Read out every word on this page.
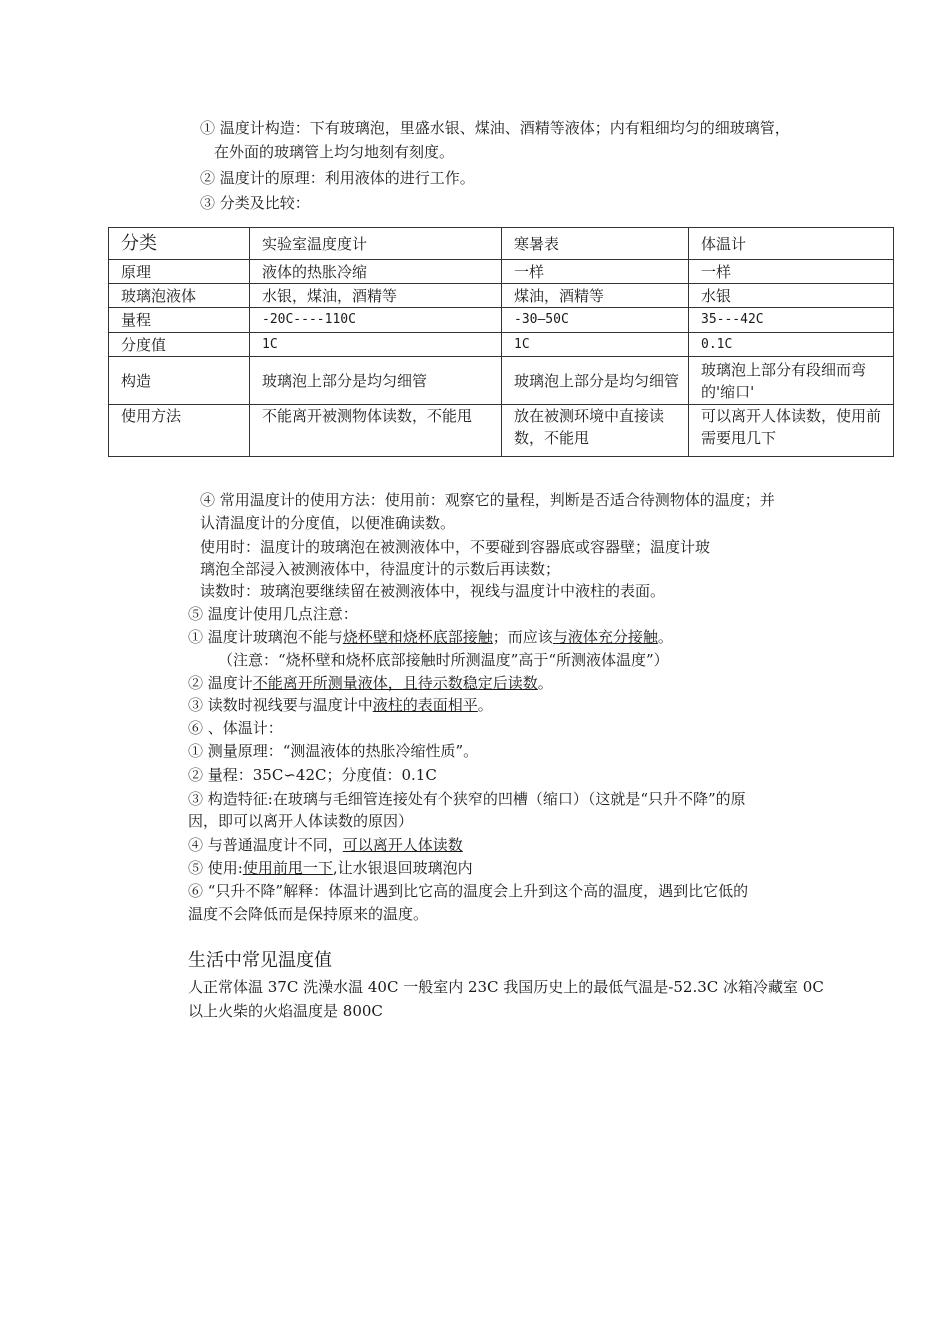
① 温度计构造：下有玻璃泡，里盛水银、煤油、酒精等液体；内有粗细均匀的细玻璃管，
在外面的玻璃管上均匀地刻有刻度。
② 温度计的原理：利用液体的进行工作。
③ 分类及比较：
分类	实验室温度度计	寒暑表	体温计
原理	液体的热胀冷缩	一样	一样
玻璃泡液体	水银，煤油，酒精等	煤油，酒精等	水银
量程	-20C----110C	-30—50C	35---42C
分度值	1C	1C	0.1C
构造	玻璃泡上部分是均匀细管	玻璃泡上部分是均匀细管	玻璃泡上部分有段细而弯的'缩口'
使用方法	不能离开被测物体读数，不能甩	放在被测环境中直接读数，不能甩	可以离开人体读数，使用前需要甩几下
④ 常用温度计的使用方法：使用前：观察它的量程，判断是否适合待测物体的温度；并
认清温度计的分度值，以便准确读数。
使用时：温度计的玻璃泡在被测液体中，不要碰到容器底或容器壁；温度计玻
璃泡全部浸入被测液体中，待温度计的示数后再读数；
读数时：玻璃泡要继续留在被测液体中，视线与温度计中液柱的表面。
⑤ 温度计使用几点注意：
① 温度计玻璃泡不能与烧杯壁和烧杯底部接触；而应该与液体充分接触。
（注意：“烧杯壁和烧杯底部接触时所测温度”高于“所测液体温度”）
② 温度计不能离开所测量液体，且待示数稳定后读数。
③ 读数时视线要与温度计中液柱的表面相平。
⑥ 、体温计：
① 测量原理：“测温液体的热胀冷缩性质”。
② 量程：35C∽42C；分度值：0.1C
③ 构造特征:在玻璃与毛细管连接处有个狭窄的凹槽（缩口）（这就是“只升不降”的原
因，即可以离开人体读数的原因）
④ 与普通温度计不同，可以离开人体读数
⑤ 使用:使用前甩一下,让水银退回玻璃泡内
⑥ “只升不降”解释：体温计遇到比它高的温度会上升到这个高的温度，遇到比它低的
温度不会降低而是保持原来的温度。
生活中常见温度值
人正常体温 37C 洗澡水温 40C 一般室内 23C 我国历史上的最低气温是-52.3C 冰箱冷藏室 0C
以上火柴的火焰温度是 800C
